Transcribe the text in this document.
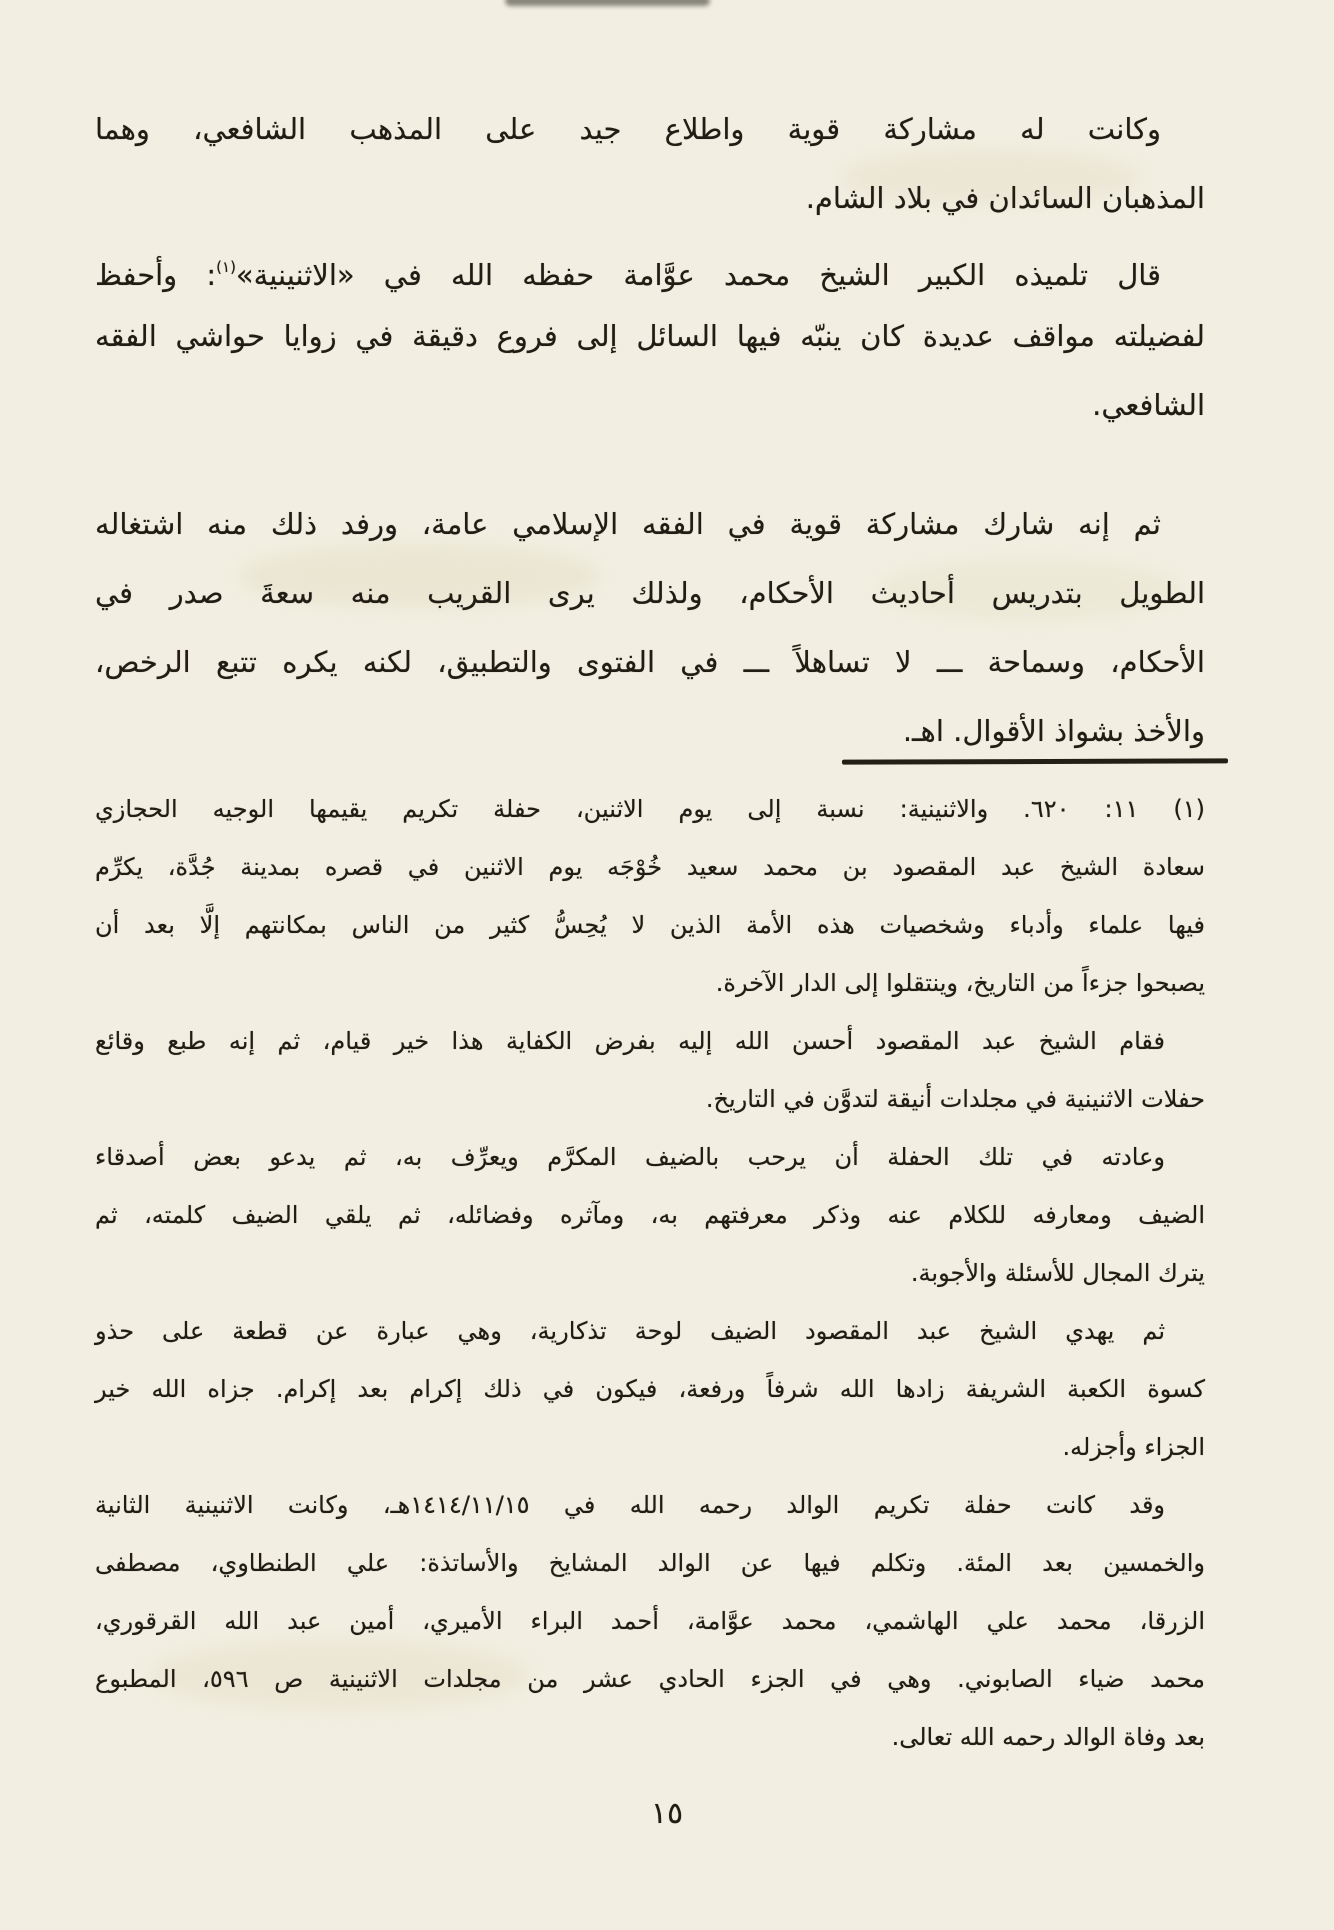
وكانت له مشاركة قوية واطلاع جيد على المذهب الشافعي، وهما
المذهبان السائدان في بلاد الشام.
قال تلميذه الكبير الشيخ محمد عوَّامة حفظه الله في «الاثنينية»$^{(١)}$: وأحفظ
لفضيلته مواقف عديدة كان ينبّه فيها السائل إلى فروع دقيقة في زوايا حواشي الفقه
الشافعي.
ثم إنه شارك مشاركة قوية في الفقه الإسلامي عامة، ورفد ذلك منه اشتغاله
الطويل بتدريس أحاديث الأحكام، ولذلك يرى القريب منه سعةَ صدر في
الأحكام، وسماحة ـــ لا تساهلاً ـــ في الفتوى والتطبيق، لكنه يكره تتبع الرخص،
والأخذ بشواذ الأقوال. اهـ.
(١) ١١: ٦٢٠. والاثنينية: نسبة إلى يوم الاثنين، حفلة تكريم يقيمها الوجيه الحجازي
سعادة الشيخ عبد المقصود بن محمد سعيد خُوْجَه يوم الاثنين في قصره بمدينة جُدَّة، يكرِّم
فيها علماء وأدباء وشخصيات هذه الأمة الذين لا يُحِسُّ كثير من الناس بمكانتهم إلَّا بعد أن
يصبحوا جزءاً من التاريخ، وينتقلوا إلى الدار الآخرة.
فقام الشيخ عبد المقصود أحسن الله إليه بفرض الكفاية هذا خير قيام، ثم إنه طبع وقائع
حفلات الاثنينية في مجلدات أنيقة لتدوَّن في التاريخ.
وعادته في تلك الحفلة أن يرحب بالضيف المكرَّم ويعرِّف به، ثم يدعو بعض أصدقاء
الضيف ومعارفه للكلام عنه وذكر معرفتهم به، ومآثره وفضائله، ثم يلقي الضيف كلمته، ثم
يترك المجال للأسئلة والأجوبة.
ثم يهدي الشيخ عبد المقصود الضيف لوحة تذكارية، وهي عبارة عن قطعة على حذو
كسوة الكعبة الشريفة زادها الله شرفاً ورفعة، فيكون في ذلك إكرام بعد إكرام. جزاه الله خير
الجزاء وأجزله.
وقد كانت حفلة تكريم الوالد رحمه الله في ١٥/‏١١/‏١٤١٤هـ، وكانت الاثنينية الثانية
والخمسين بعد المئة. وتكلم فيها عن الوالد المشايخ والأساتذة: علي الطنطاوي، مصطفى
الزرقا، محمد علي الهاشمي، محمد عوَّامة، أحمد البراء الأميري، أمين عبد الله القرقوري،
محمد ضياء الصابوني. وهي في الجزء الحادي عشر من مجلدات الاثنينية ص ٥٩٦، المطبوع
بعد وفاة الوالد رحمه الله تعالى.
١٥
